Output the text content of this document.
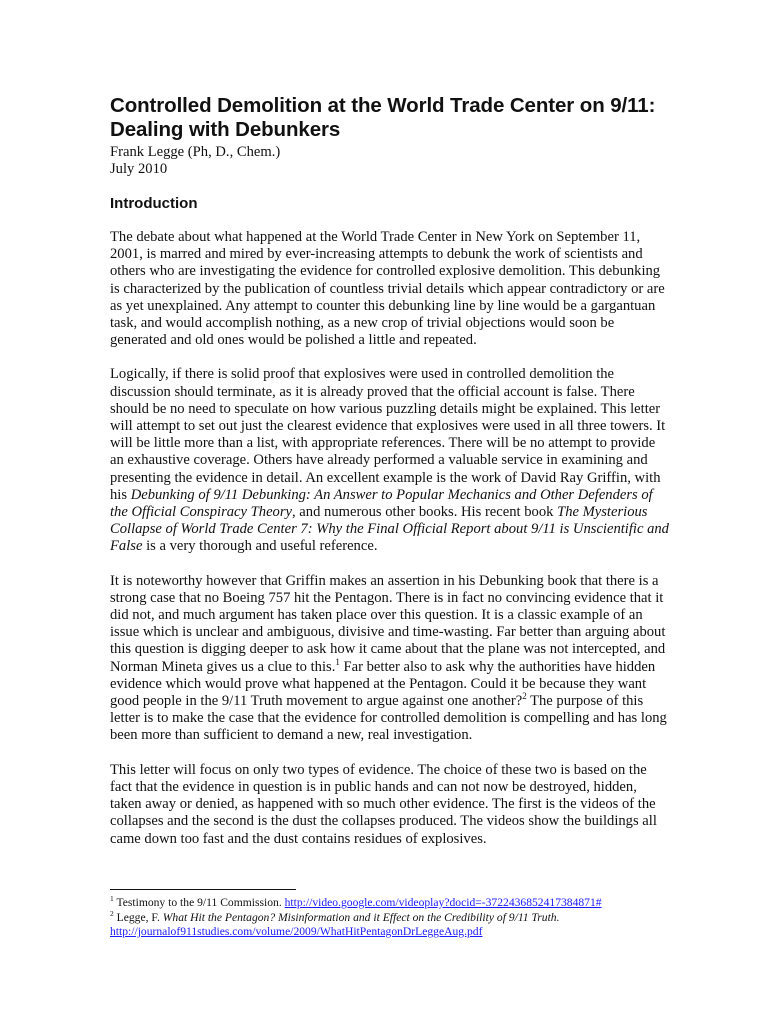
Controlled Demolition at the World Trade Center on 9/11: Dealing with Debunkers

Frank Legge (Ph, D., Chem.)

July 2010

Introduction

The debate about what happened at the World Trade Center in New York on September 11, 2001, is marred and mired by ever-increasing attempts to debunk the work of scientists and others who are investigating the evidence for controlled explosive demolition. This debunking is characterized by the publication of countless trivial details which appear contradictory or are as yet unexplained. Any attempt to counter this debunking line by line would be a gargantuan task, and would accomplish nothing, as a new crop of trivial objections would soon be generated and old ones would be polished a little and repeated.

Logically, if there is solid proof that explosives were used in controlled demolition the discussion should terminate, as it is already proved that the official account is false. There should be no need to speculate on how various puzzling details might be explained. This letter will attempt to set out just the clearest evidence that explosives were used in all three towers. It will be little more than a list, with appropriate references. There will be no attempt to provide an exhaustive coverage. Others have already performed a valuable service in examining and presenting the evidence in detail. An excellent example is the work of David Ray Griffin, with his Debunking of 9/11 Debunking: An Answer to Popular Mechanics and Other Defenders of the Official Conspiracy Theory, and numerous other books. His recent book The Mysterious Collapse of World Trade Center 7: Why the Final Official Report about 9/11 is Unscientific and False is a very thorough and useful reference.

It is noteworthy however that Griffin makes an assertion in his Debunking book that there is a strong case that no Boeing 757 hit the Pentagon. There is in fact no convincing evidence that it did not, and much argument has taken place over this question. It is a classic example of an issue which is unclear and ambiguous, divisive and time-wasting. Far better than arguing about this question is digging deeper to ask how it came about that the plane was not intercepted, and Norman Mineta gives us a clue to this.$^1$ Far better also to ask why the authorities have hidden evidence which would prove what happened at the Pentagon. Could it be because they want good people in the 9/11 Truth movement to argue against one another?$^2$ The purpose of this letter is to make the case that the evidence for controlled demolition is compelling and has long been more than sufficient to demand a new, real investigation.

This letter will focus on only two types of evidence. The choice of these two is based on the fact that the evidence in question is in public hands and can not now be destroyed, hidden, taken away or denied, as happened with so much other evidence. The first is the videos of the collapses and the second is the dust the collapses produced. The videos show the buildings all came down too fast and the dust contains residues of explosives.

$^1$ Testimony to the 9/11 Commission. http://video.google.com/videoplay?docid=-3722436852417384871#
$^2$ Legge, F. What Hit the Pentagon? Misinformation and it Effect on the Credibility of 9/11 Truth.
http://journalof911studies.com/volume/2009/WhatHitPentagonDrLeggeAug.pdf
